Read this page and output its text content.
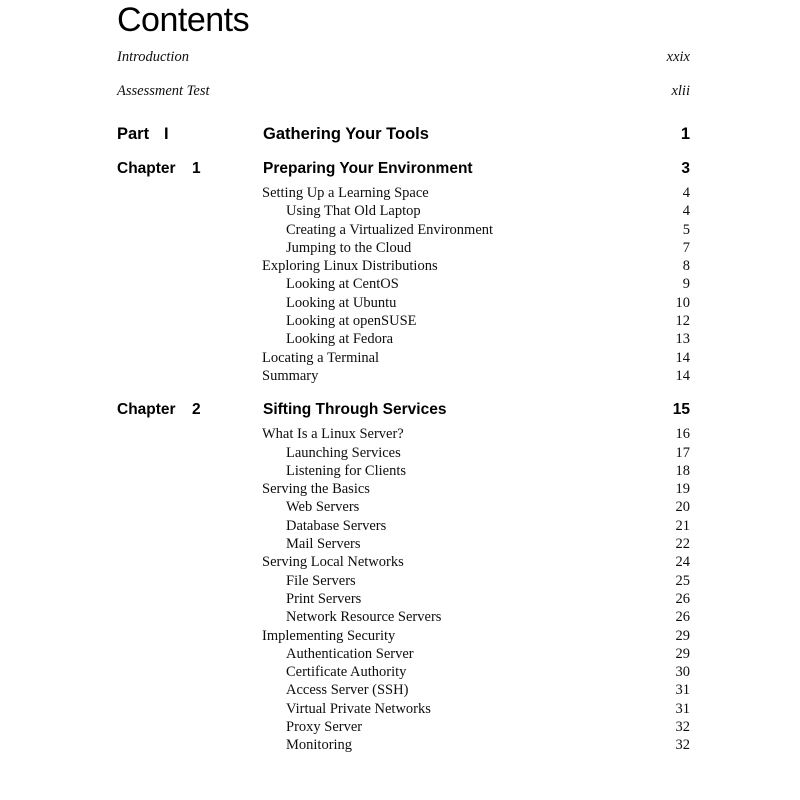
Contents
Introduction	xxix
Assessment Test	xlii
Part I	Gathering Your Tools	1
Chapter 1	Preparing Your Environment	3
Setting Up a Learning Space	4
Using That Old Laptop	4
Creating a Virtualized Environment	5
Jumping to the Cloud	7
Exploring Linux Distributions	8
Looking at CentOS	9
Looking at Ubuntu	10
Looking at openSUSE	12
Looking at Fedora	13
Locating a Terminal	14
Summary	14
Chapter 2	Sifting Through Services	15
What Is a Linux Server?	16
Launching Services	17
Listening for Clients	18
Serving the Basics	19
Web Servers	20
Database Servers	21
Mail Servers	22
Serving Local Networks	24
File Servers	25
Print Servers	26
Network Resource Servers	26
Implementing Security	29
Authentication Server	29
Certificate Authority	30
Access Server (SSH)	31
Virtual Private Networks	31
Proxy Server	32
Monitoring	32
